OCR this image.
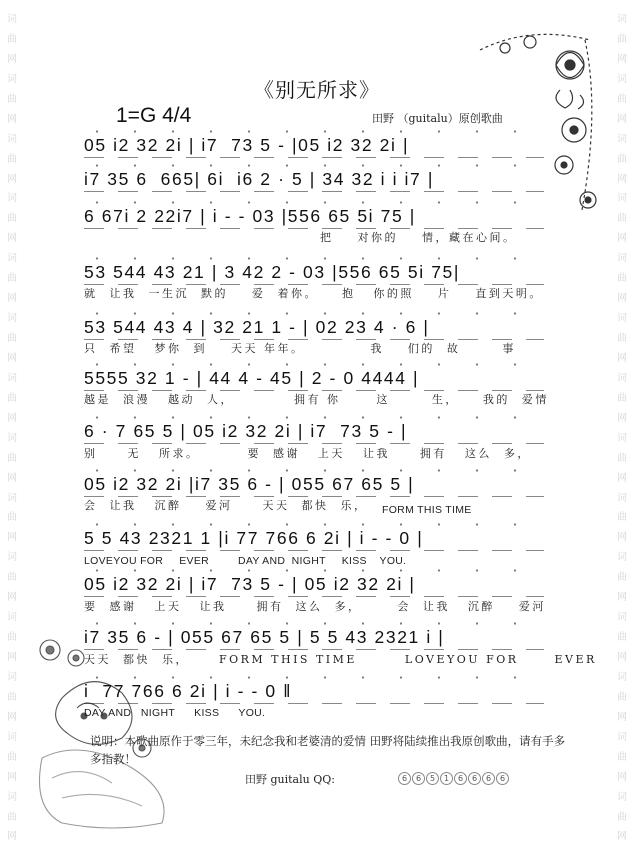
词
曲
网
词
曲
网
词
曲
网
词
曲
网
词
曲
网
词
曲
网
词
曲
网
词
曲
网
词
曲
网
词
曲
网
词
曲
网
词
曲
网
词
曲
网
词
曲
网
词
曲
网
词
曲
网
词
曲
网
词
曲
网
词
曲
网
词
曲
网
词
曲
网
词
曲
网
词
曲
网
词
曲
网
词
曲
网
词
曲
网
词
曲
网
词
曲
网
《别无所求》
1=G 4/4	田野 （guitalu）原创歌曲
05 i2 32 2i | i7  73 5 - |05 i2 32 2i |
i7 35 6  665| 6i  i6 2 · 5 | 34 32 i i i7 |
6 67i 2 22i7 | i - - 03 |556 65 5i 75 |
把    对你的    情，藏在心间。
53 544 43 21 | 3 42 2 - 03 |556 65 5i 75|
就  让我  一生沉  默的    爱  着你。    抱   你的照    片    直到天明。
53 544 43 4 | 32 21 1 - | 02 23 4 · 6 |
只  希望   梦你  到    天天 年年。           我    们的  故       事
5555 32 1 - | 44 4 - 45 | 2 - 0 4444 |
越是  浪漫   越动  人，          拥有 你      这       生，    我的  爱情
6 · 7 65 5 | 05 i2 32 2i | i7  73 5 - |
别     无   所求。        要  感谢   上天   让我     拥有   这么  多，
05 i2 32 2i |i7 35 6 - | 055 67 65 5 |
会  让我   沉醉    爱河     天天  都快  乐，
5 5 43 2321 1 |i 77 766 6 2i | i - - 0 |
LOVEYOU FOR     EVER         DAY AND  NIGHT     KISS    YOU.
05 i2 32 2i | i7  73 5 - | 05 i2 32 2i |
要  感谢   上天   让我     拥有  这么  多，      会  让我   沉醉    爱河
i7 35 6 - | 055 67 65 5 | 5 5 43 2321 i |
天天  都快  乐，     FORM THIS TIME        LOVEYOU FOR      EVER
i  77 766 6 2i | i - - 0 ‖
DAY AND   NIGHT      KISS      YOU.
FORM THIS TIME
说明：本歌曲原作于零三年，未纪念我和老婆清的爱情 田野将陆续推出我原创歌曲，请有手多多指教！
田野 guitalu QQ:	6	6	5	1	6	6	6	6
